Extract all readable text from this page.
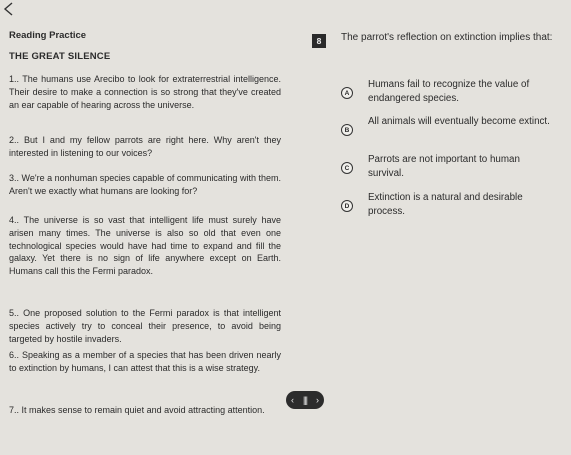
Reading Practice
THE GREAT SILENCE

1.. The humans use Arecibo to look for extraterrestrial intelligence. Their desire to make a connection is so strong that they've created an ear capable of hearing across the universe.

2.. But I and my fellow parrots are right here. Why aren't they interested in listening to our voices?

3.. We're a nonhuman species capable of communicating with them. Aren't we exactly what humans are looking for?

4.. The universe is so vast that intelligent life must surely have arisen many times. The universe is also so old that even one technological species would have had time to expand and fill the galaxy. Yet there is no sign of life anywhere except on Earth. Humans call this the Fermi paradox.

5.. One proposed solution to the Fermi paradox is that intelligent species actively try to conceal their presence, to avoid being targeted by hostile invaders.

6.. Speaking as a member of a species that has been driven nearly to extinction by humans, I can attest that this is a wise strategy.

7.. It makes sense to remain quiet and avoid attracting attention.

8	The parrot's reflection on extinction implies that:
A
Humans fail to recognize the value of endangered species.
B
All animals will eventually become extinct.
C
Parrots are not important to human survival.
D
Extinction is a natural and desirable process.
‹ ||| ›
